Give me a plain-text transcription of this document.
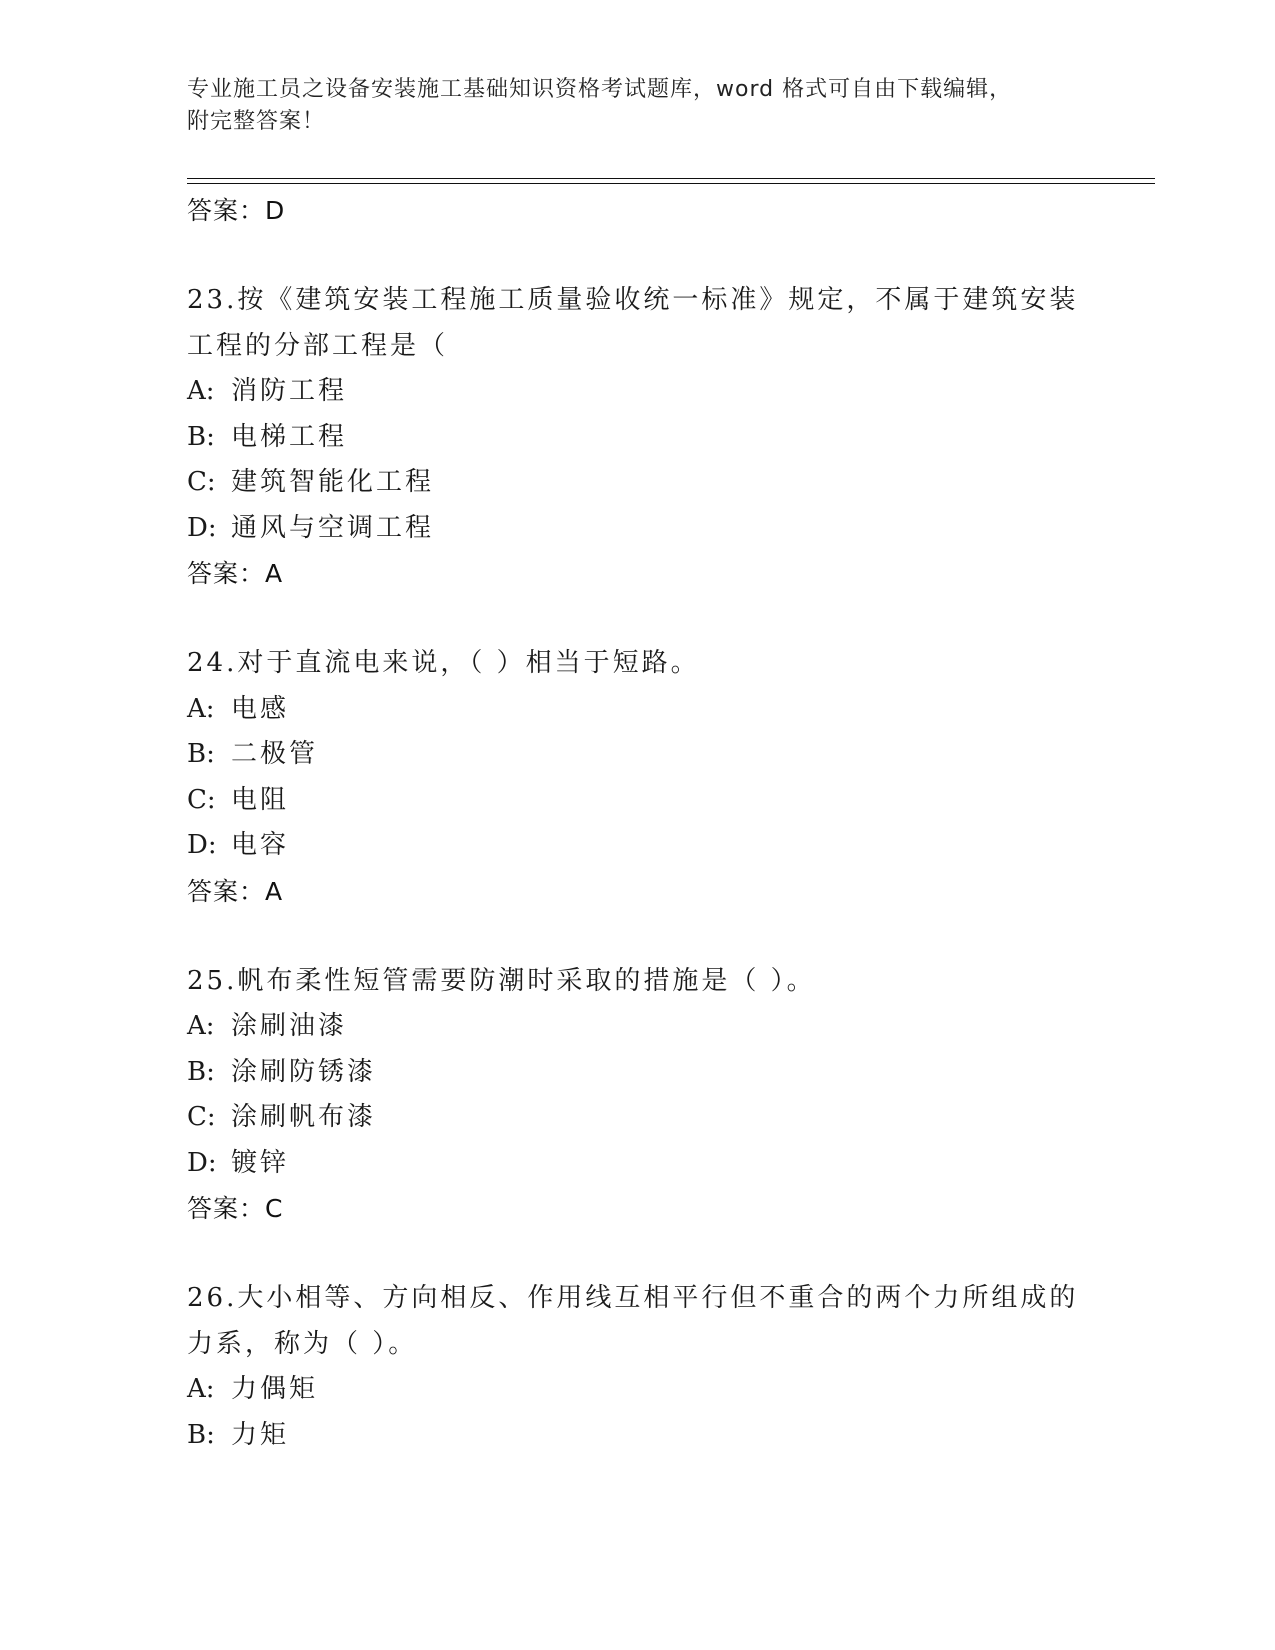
专业施工员之设备安装施工基础知识资格考试题库，word 格式可自由下载编辑，
附完整答案！
答案：D
23.按《建筑安装工程施工质量验收统一标准》规定，不属于建筑安装
工程的分部工程是（
A: 消防工程
B: 电梯工程
C: 建筑智能化工程
D: 通风与空调工程
答案：A
24.对于直流电来说，（ ）相当于短路。
A: 电感
B: 二极管
C: 电阻
D: 电容
答案：A
25.帆布柔性短管需要防潮时采取的措施是（ ）。
A: 涂刷油漆
B: 涂刷防锈漆
C: 涂刷帆布漆
D: 镀锌
答案：C
26.大小相等、方向相反、作用线互相平行但不重合的两个力所组成的
力系，称为（ ）。
A: 力偶矩
B: 力矩
